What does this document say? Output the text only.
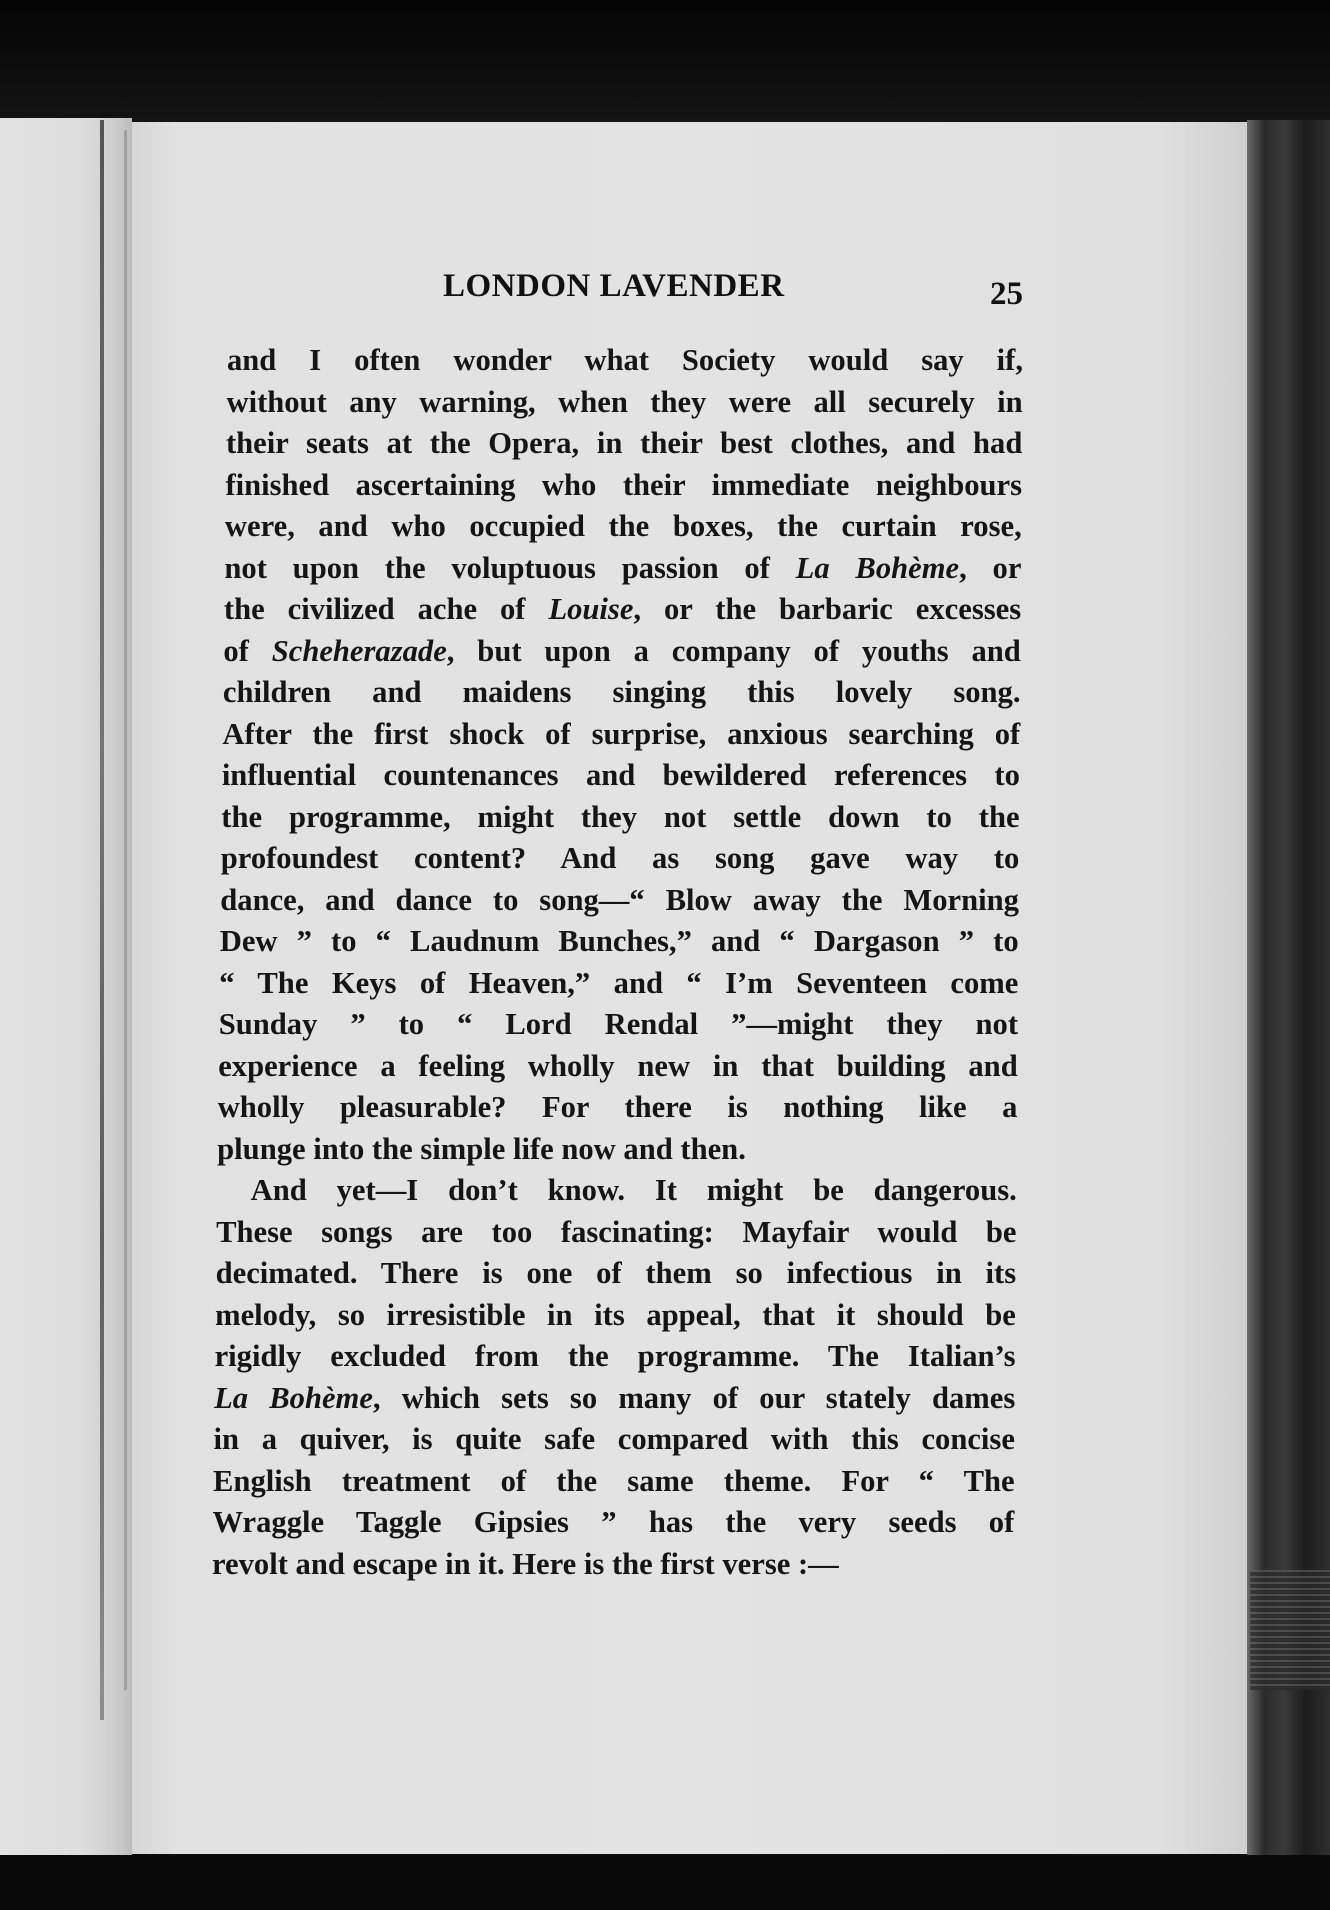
LONDON LAVENDER	25
and I often wonder what Society would say if,
without any warning, when they were all securely in
their seats at the Opera, in their best clothes, and had
finished ascertaining who their immediate neighbours
were, and who occupied the boxes, the curtain rose,
not upon the voluptuous passion of La Bohème, or
the civilized ache of Louise, or the barbaric excesses
of Scheherazade, but upon a company of youths and
children and maidens singing this lovely song.
After the first shock of surprise, anxious searching of
influential countenances and bewildered references to
the programme, might they not settle down to the
profoundest content? And as song gave way to
dance, and dance to song—“ Blow away the Morning
Dew ” to “ Laudnum Bunches,” and “ Dargason ” to
“ The Keys of Heaven,” and “ I’m Seventeen come
Sunday ” to “ Lord Rendal ”—might they not
experience a feeling wholly new in that building and
wholly pleasurable? For there is nothing like a
plunge into the simple life now and then.
And yet—I don’t know. It might be dangerous.
These songs are too fascinating: Mayfair would be
decimated. There is one of them so infectious in its
melody, so irresistible in its appeal, that it should be
rigidly excluded from the programme. The Italian’s
La Bohème, which sets so many of our stately dames
in a quiver, is quite safe compared with this concise
English treatment of the same theme. For “ The
Wraggle Taggle Gipsies ” has the very seeds of
revolt and escape in it. Here is the first verse :—
